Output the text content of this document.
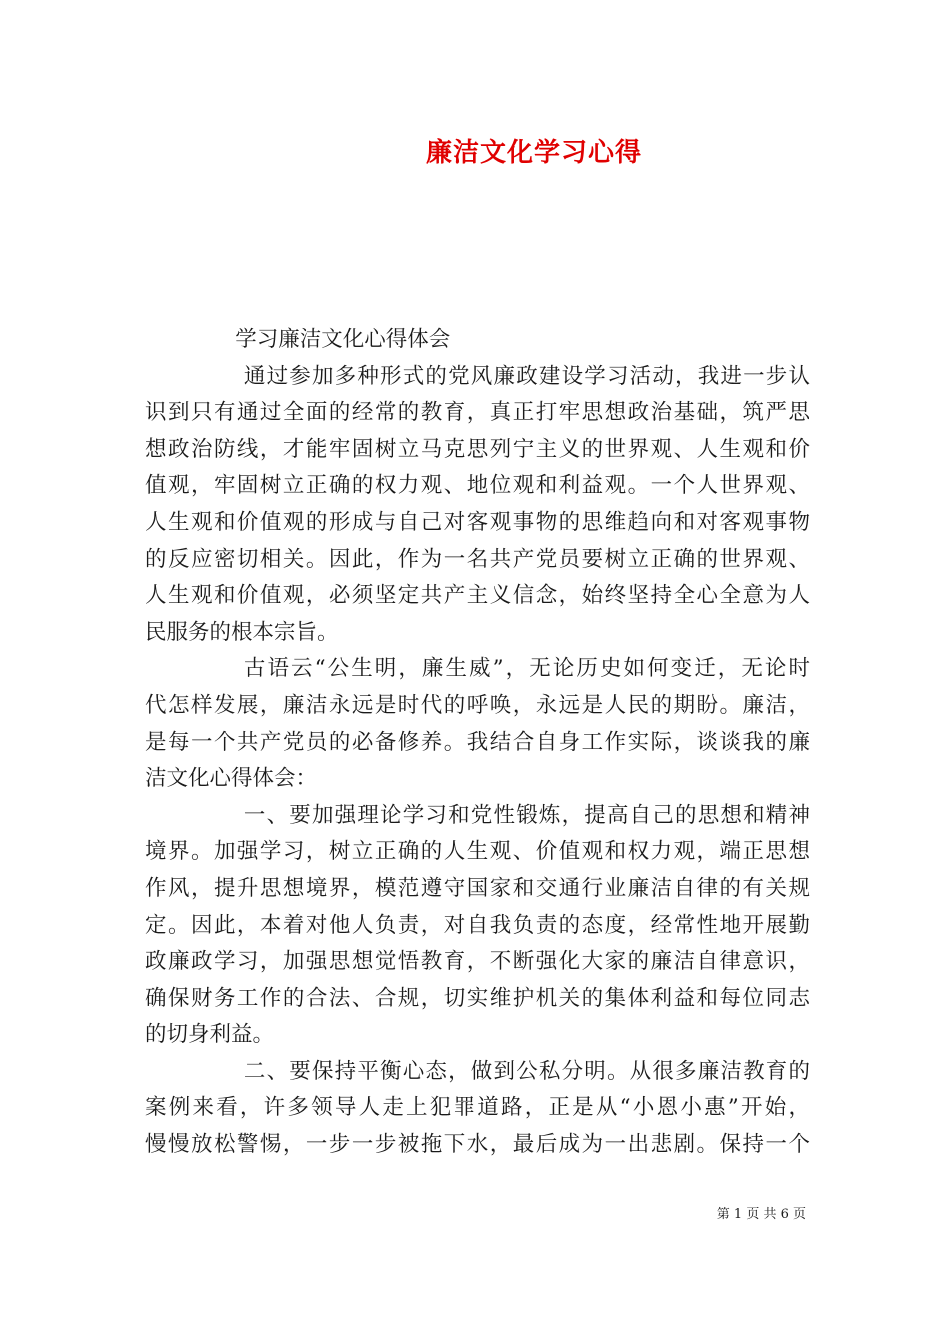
廉洁文化学习心得
学习廉洁文化心得体会
通过参加多种形式的党风廉政建设学习活动，我进一步认
识到只有通过全面的经常的教育，真正打牢思想政治基础，筑严思
想政治防线，才能牢固树立马克思列宁主义的世界观、人生观和价
值观，牢固树立正确的权力观、地位观和利益观。一个人世界观、
人生观和价值观的形成与自己对客观事物的思维趋向和对客观事物
的反应密切相关。因此，作为一名共产党员要树立正确的世界观、
人生观和价值观，必须坚定共产主义信念，始终坚持全心全意为人
民服务的根本宗旨。
古语云“公生明，廉生威”，无论历史如何变迁，无论时
代怎样发展，廉洁永远是时代的呼唤，永远是人民的期盼。廉洁，
是每一个共产党员的必备修养。我结合自身工作实际，谈谈我的廉
洁文化心得体会：
一、要加强理论学习和党性锻炼，提高自己的思想和精神
境界。加强学习，树立正确的人生观、价值观和权力观，端正思想
作风，提升思想境界，模范遵守国家和交通行业廉洁自律的有关规
定。因此，本着对他人负责，对自我负责的态度，经常性地开展勤
政廉政学习，加强思想觉悟教育，不断强化大家的廉洁自律意识，
确保财务工作的合法、合规，切实维护机关的集体利益和每位同志
的切身利益。
二、要保持平衡心态，做到公私分明。从很多廉洁教育的
案例来看，许多领导人走上犯罪道路，正是从“小恩小惠”开始，
慢慢放松警惕，一步一步被拖下水，最后成为一出悲剧。保持一个
第 1 页 共 6 页
